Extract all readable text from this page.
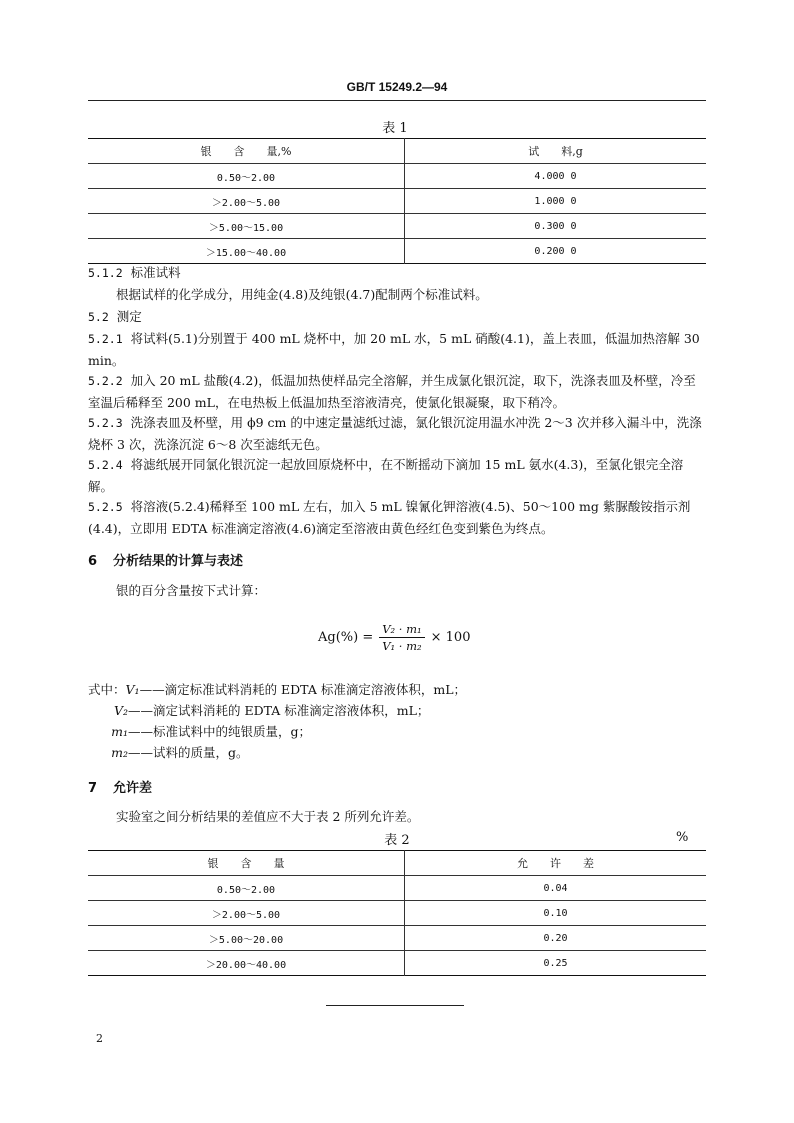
GB/T 15249.2—94
表 1
银　　含　　量,%	试　　料,g
0.50～2.00	4.000 0
＞2.00～5.00	1.000 0
＞5.00～15.00	0.300 0
＞15.00～40.00	0.200 0
5.1.2 标准试料
根据试样的化学成分，用纯金(4.8)及纯银(4.7)配制两个标准试料。
5.2 测定
5.2.1 将试料(5.1)分别置于 400 mL 烧杯中，加 20 mL 水，5 mL 硝酸(4.1)，盖上表皿，低温加热溶解 30 min。
5.2.2 加入 20 mL 盐酸(4.2)，低温加热使样品完全溶解，并生成氯化银沉淀，取下，洗涤表皿及杯壁，冷至室温后稀释至 200 mL，在电热板上低温加热至溶液清亮，使氯化银凝聚，取下稍冷。
5.2.3 洗涤表皿及杯壁，用 ϕ9 cm 的中速定量滤纸过滤，氯化银沉淀用温水冲洗 2～3 次并移入漏斗中，洗涤烧杯 3 次，洗涤沉淀 6～8 次至滤纸无色。
5.2.4 将滤纸展开同氯化银沉淀一起放回原烧杯中，在不断摇动下滴加 15 mL 氨水(4.3)，至氯化银完全溶解。
5.2.5 将溶液(5.2.4)稀释至 100 mL 左右，加入 5 mL 镍氰化钾溶液(4.5)、50～100 mg 紫脲酸铵指示剂(4.4)，立即用 EDTA 标准滴定溶液(4.6)滴定至溶液由黄色经红色变到紫色为终点。
6 分析结果的计算与表述
银的百分含量按下式计算：
$Ag(\%) = \frac{\text{V₂ · m₁}}{\text{V₁ · m₂}} \times 100$
式中：V₁——滴定标准试料消耗的 EDTA 标准滴定溶液体积，mL；
V₂——滴定试料消耗的 EDTA 标准滴定溶液体积，mL；
m₁——标准试料中的纯银质量，g；
m₂——试料的质量，g。
7 允许差
实验室之间分析结果的差值应不大于表 2 所列允许差。
表 2	%
银　　含　　量	允　　许　　差
0.50～2.00	0.04
＞2.00～5.00	0.10
＞5.00～20.00	0.20
＞20.00～40.00	0.25
2
